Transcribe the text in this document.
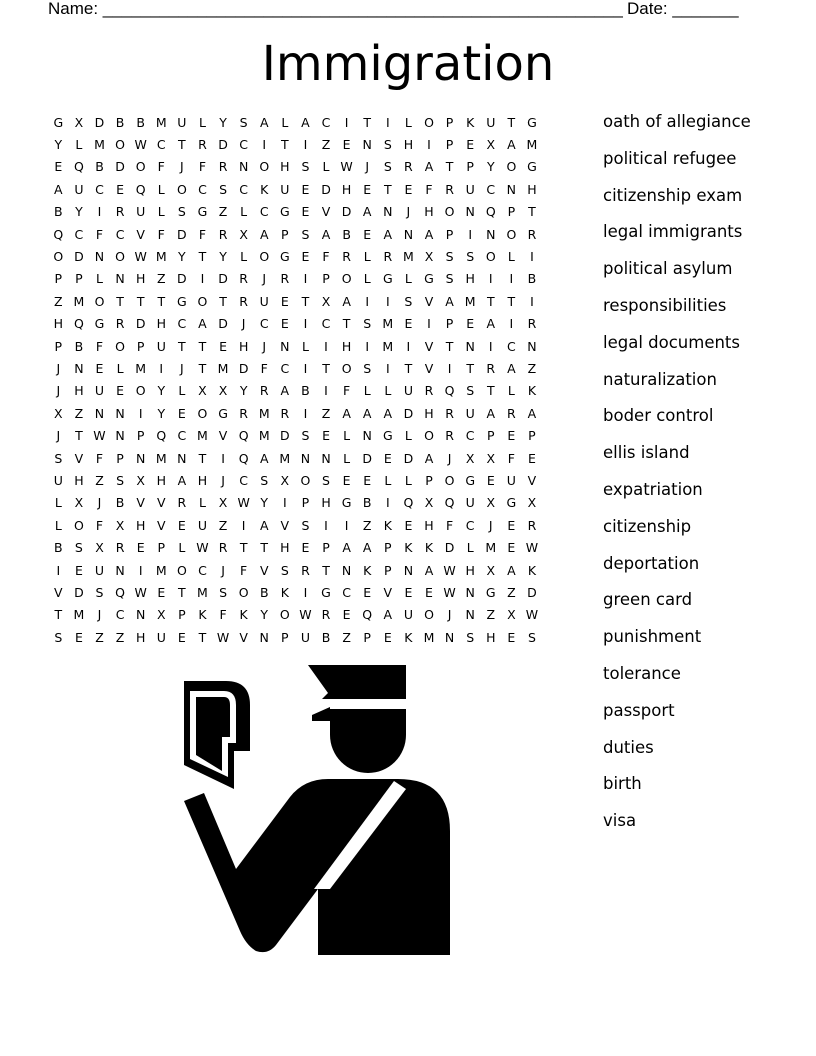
Name: _______________________________________________________ Date: _______
Immigration
G X D B B M U	L	Y	S A	L	A C	I	T	I	L O P	K U T G
Y	L M O W C T R D C	I	T	I	Z E N S H	I	P	E X A M
E Q B D O F	J	F	R N O H S	L W	J	S R A T	P	Y O G
A U C E Q L O C S C K U E D H E	T	E	F	R U C N H
B Y	I	R U	L	S G Z	L	C G E V D A N	J	H O N Q P	T
Q C	F	C V	F D F	R X A	P	S A B E A N A	P	I	N O R
O D N O W M Y	T	Y	L O G E	F	R	L	R M X S	S O L	I
P	P	L N H Z D	I	D R	J	R	I	P O L G L G S H	I	I	B
Z M O T	T	T G O T R U E	T X A	I	I	S V A M T	T	I
H Q G R D H C A D	J	C E	I	C T	S M E	I	P	E A	I	R
P	B	F O P U T	T	E H	J	N L	I	H	I	M	I	V T N	I	C N
J	N E	L M	I	J	T M D F	C	I	T O S	I	T	V	I	T R A Z
J	H U E O Y	L	X X Y R A B	I	F	L	L	U R Q S	T	L	K
X Z N N	I	Y	E O G R M R	I	Z A A A D H R U A R A
J	T W N P Q C M V Q M D S	E	L N G L O R C P	E	P
S V	F	P N M N T	I	Q A M N N L D E D A	J	X X	F	E
U H Z S X H A H	J	C S X O S	E	E	L	L	P O G E U V
L	X	J	B V V R	L	X W Y	I	P H G B	I	Q X Q U X G X
L O F	X H V E U Z	I	A V S	I	I	Z K	E H F	C	J	E R
B S X R E	P	L W R T	T H E	P	A A	P	K K D L M E W
I	E U N	I	M O C	J	F	V S R T N K	P N A W H X A K
V D S Q W E	T M S O B K	I	G C E V E	E W N G Z D
T M	J	C N X	P	K	F	K	Y O W R E Q A U O	J	N Z X W
S	E Z Z H U E	T W V N P U B Z	P	E	K M N S H E	S
oath of allegiance
political refugee
citizenship exam
legal immigrants
political asylum
responsibilities
legal documents
naturalization
boder control
ellis island
expatriation
citizenship
deportation
green card
punishment
tolerance
passport
duties
birth
visa
